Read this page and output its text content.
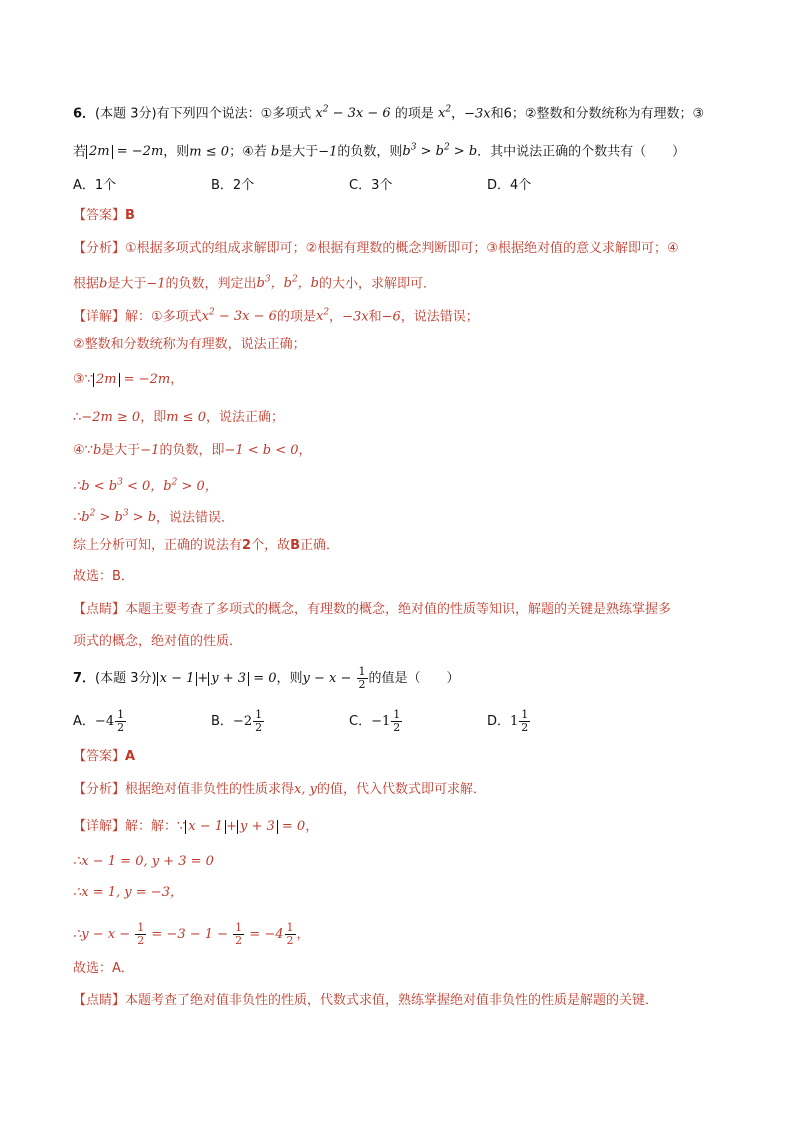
6．(本题 3分)有下列四个说法：①多项式 $x^2 - 3x - 6$ 的项是 $x^2$，−3x和6；②整数和分数统称为有理数；③
若 2m = −2m，则m ≤ 0；④若 b是大于−1的负数，则$b^3 > b^2 > b$．其中说法正确的个数共有（　　）
A．1个	B．2个	C．3个	D．4个
【答案】B
【分析】①根据多项式的组成求解即可；②根据有理数的概念判断即可；③根据绝对值的意义求解即可；④
根据b是大于−1的负数，判定出$b^3$，$b^2$，b的大小，求解即可．
【详解】解：①多项式$x^2 - 3x - 6$的项是$x^2$，−3x和−6，说法错误；
②整数和分数统称为有理数，说法正确；
③∵ 2m = −2m，
∴−2m ≥ 0，即m ≤ 0，说法正确；
④∵b是大于−1的负数，即−1 < b < 0，
∴b < $b^3 < 0$，$b^2 > 0$，
$\therefore b^2 > b^3 > b$，说法错误．
综上分析可知，正确的说法有2个，故B正确．
故选：B．
【点睛】本题主要考查了多项式的概念，有理数的概念，绝对值的性质等知识，解题的关键是熟练掌握多
项式的概念，绝对值的性质．
7．(本题 3分) x − 1 + y + 3 = 0，则$y - x - \frac{1}{2}$ 的值是（　　）
A．$-4 \frac{1}{2}$	B．$-2 \frac{1}{2}$	C．$-1 \frac{1}{2}$	D．$1 \frac{1}{2}$
【答案】A
【分析】根据绝对值非负性的性质求得x, y的值，代入代数式即可求解．
【详解】解：解：∵ x − 1 + y + 3 = 0，
∴x − 1 = 0, y + 3 = 0
∴x = 1, y = −3，
∴y − $x - \frac{1}{2} = -3 - 1 - \frac{1}{2} = -4 \frac{1}{2}$ ，
故选：A．
【点睛】本题考查了绝对值非负性的性质，代数式求值，熟练掌握绝对值非负性的性质是解题的关键．
